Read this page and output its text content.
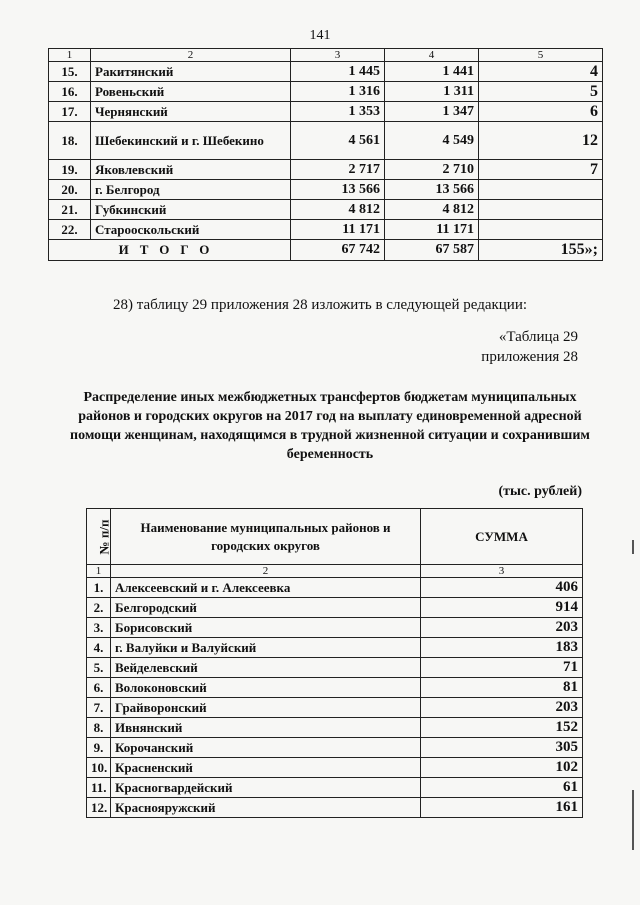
141
1	2	3	4	5
15.	Ракитянский	1 445	1 441	4
16.	Ровеньский	1 316	1 311	5
17.	Чернянский	1 353	1 347	6
18.	Шебекинский и г. Шебекино	4 561	4 549	12
19.	Яковлевский	2 717	2 710	7
20.	г. Белгород	13 566	13 566	
21.	Губкинский	4 812	4 812	
22.	Старооскольский	11 171	11 171	
ИТОГО		67 742	67 587	155»;
28) таблицу 29 приложения 28 изложить в следующей редакции:
«Таблица 29
приложения 28
Распределение иных межбюджетных трансфертов бюджетам муниципальных районов и городских округов на 2017 год на выплату единовременной адресной помощи женщинам, находящимся в трудной жизненной ситуации и сохранившим беременность
(тыс. рублей)
№ п/п	Наименование муниципальных районов и городских округов	СУММА
1	2	3
1.	Алексеевский и г. Алексеевка	406
2.	Белгородский	914
3.	Борисовский	203
4.	г. Валуйки и Валуйский	183
5.	Вейделевский	71
6.	Волоконовский	81
7.	Грайворонский	203
8.	Ивнянский	152
9.	Корочанский	305
10.	Красненский	102
11.	Красногвардейский	61
12.	Краснояружский	161
